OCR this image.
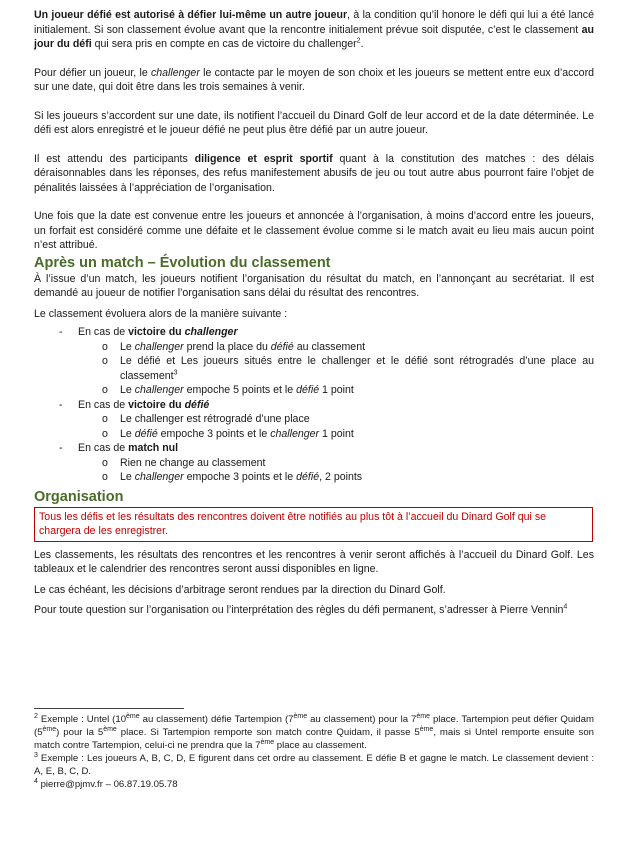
Un joueur défié est autorisé à défier lui-même un autre joueur, à la condition qu’il honore le défi qui lui a été lancé initialement. Si son classement évolue avant que la rencontre initialement prévue soit disputée, c’est le classement au jour du défi qui sera pris en compte en cas de victoire du challenger$^2$.

Pour défier un joueur, le challenger le contacte par le moyen de son choix et les joueurs se mettent entre eux d’accord sur une date, qui doit être dans les trois semaines à venir.

Si les joueurs s’accordent sur une date, ils notifient l’accueil du Dinard Golf de leur accord et de la date déterminée. Le défi est alors enregistré et le joueur défié ne peut plus être défié par un autre joueur.

Il est attendu des participants diligence et esprit sportif quant à la constitution des matches : des délais déraisonnables dans les réponses, des refus manifestement abusifs de jeu ou tout autre abus pourront faire l’objet de pénalités laissées à l’appréciation de l’organisation.

Une fois que la date est convenue entre les joueurs et annoncée à l’organisation, à moins d’accord entre les joueurs, un forfait est considéré comme une défaite et le classement évolue comme si le match avait eu lieu mais aucun point n’est attribué.

Après un match – Évolution du classement

À l’issue d’un match, les joueurs notifient l’organisation du résultat du match, en l’annonçant au secrétariat. Il est demandé au joueur de notifier l’organisation sans délai du résultat des rencontres.

Le classement évoluera alors de la manière suivante :

- En cas de victoire du challenger
o Le challenger prend la place du défié au classement
o Le défié et Les joueurs situés entre le challenger et le défié sont rétrogradés d’une place au classement$^3$
o Le challenger empoche 5 points et le défié 1 point
- En cas de victoire du défié
o Le challenger est rétrogradé d’une place
o Le défié empoche 3 points et le challenger 1 point
- En cas de match nul
o Rien ne change au classement
o Le challenger empoche 3 points et le défié, 2 points
Organisation
Tous les défis et les résultats des rencontres doivent être notifiés au plus tôt à l’accueil du Dinard Golf qui se chargera de les enregistrer.

Les classements, les résultats des rencontres et les rencontres à venir seront affichés à l’accueil du Dinard Golf. Les tableaux et le calendrier des rencontres seront aussi disponibles en ligne.

Le cas échéant, les décisions d’arbitrage seront rendues par la direction du Dinard Golf.

Pour toute question sur l’organisation ou l’interprétation des règles du défi permanent, s’adresser à Pierre Vennin$^4$

$^2$ Exemple : Untel (10ème au classement) défie Tartempion (7ème au classement) pour la 7ème place. Tartempion peut défier Quidam (5ème) pour la 5ème place. Si Tartempion remporte son match contre Quidam, il passe 5ème, mais si Untel remporte ensuite son match contre Tartempion, celui-ci ne prendra que la 7ème place au classement.

$^3$ Exemple : Les joueurs A, B, C, D, E figurent dans cet ordre au classement. E défie B et gagne le match. Le classement devient : A, E, B, C, D.

$^4$ pierre@pjmv.fr – 06.87.19.05.78
